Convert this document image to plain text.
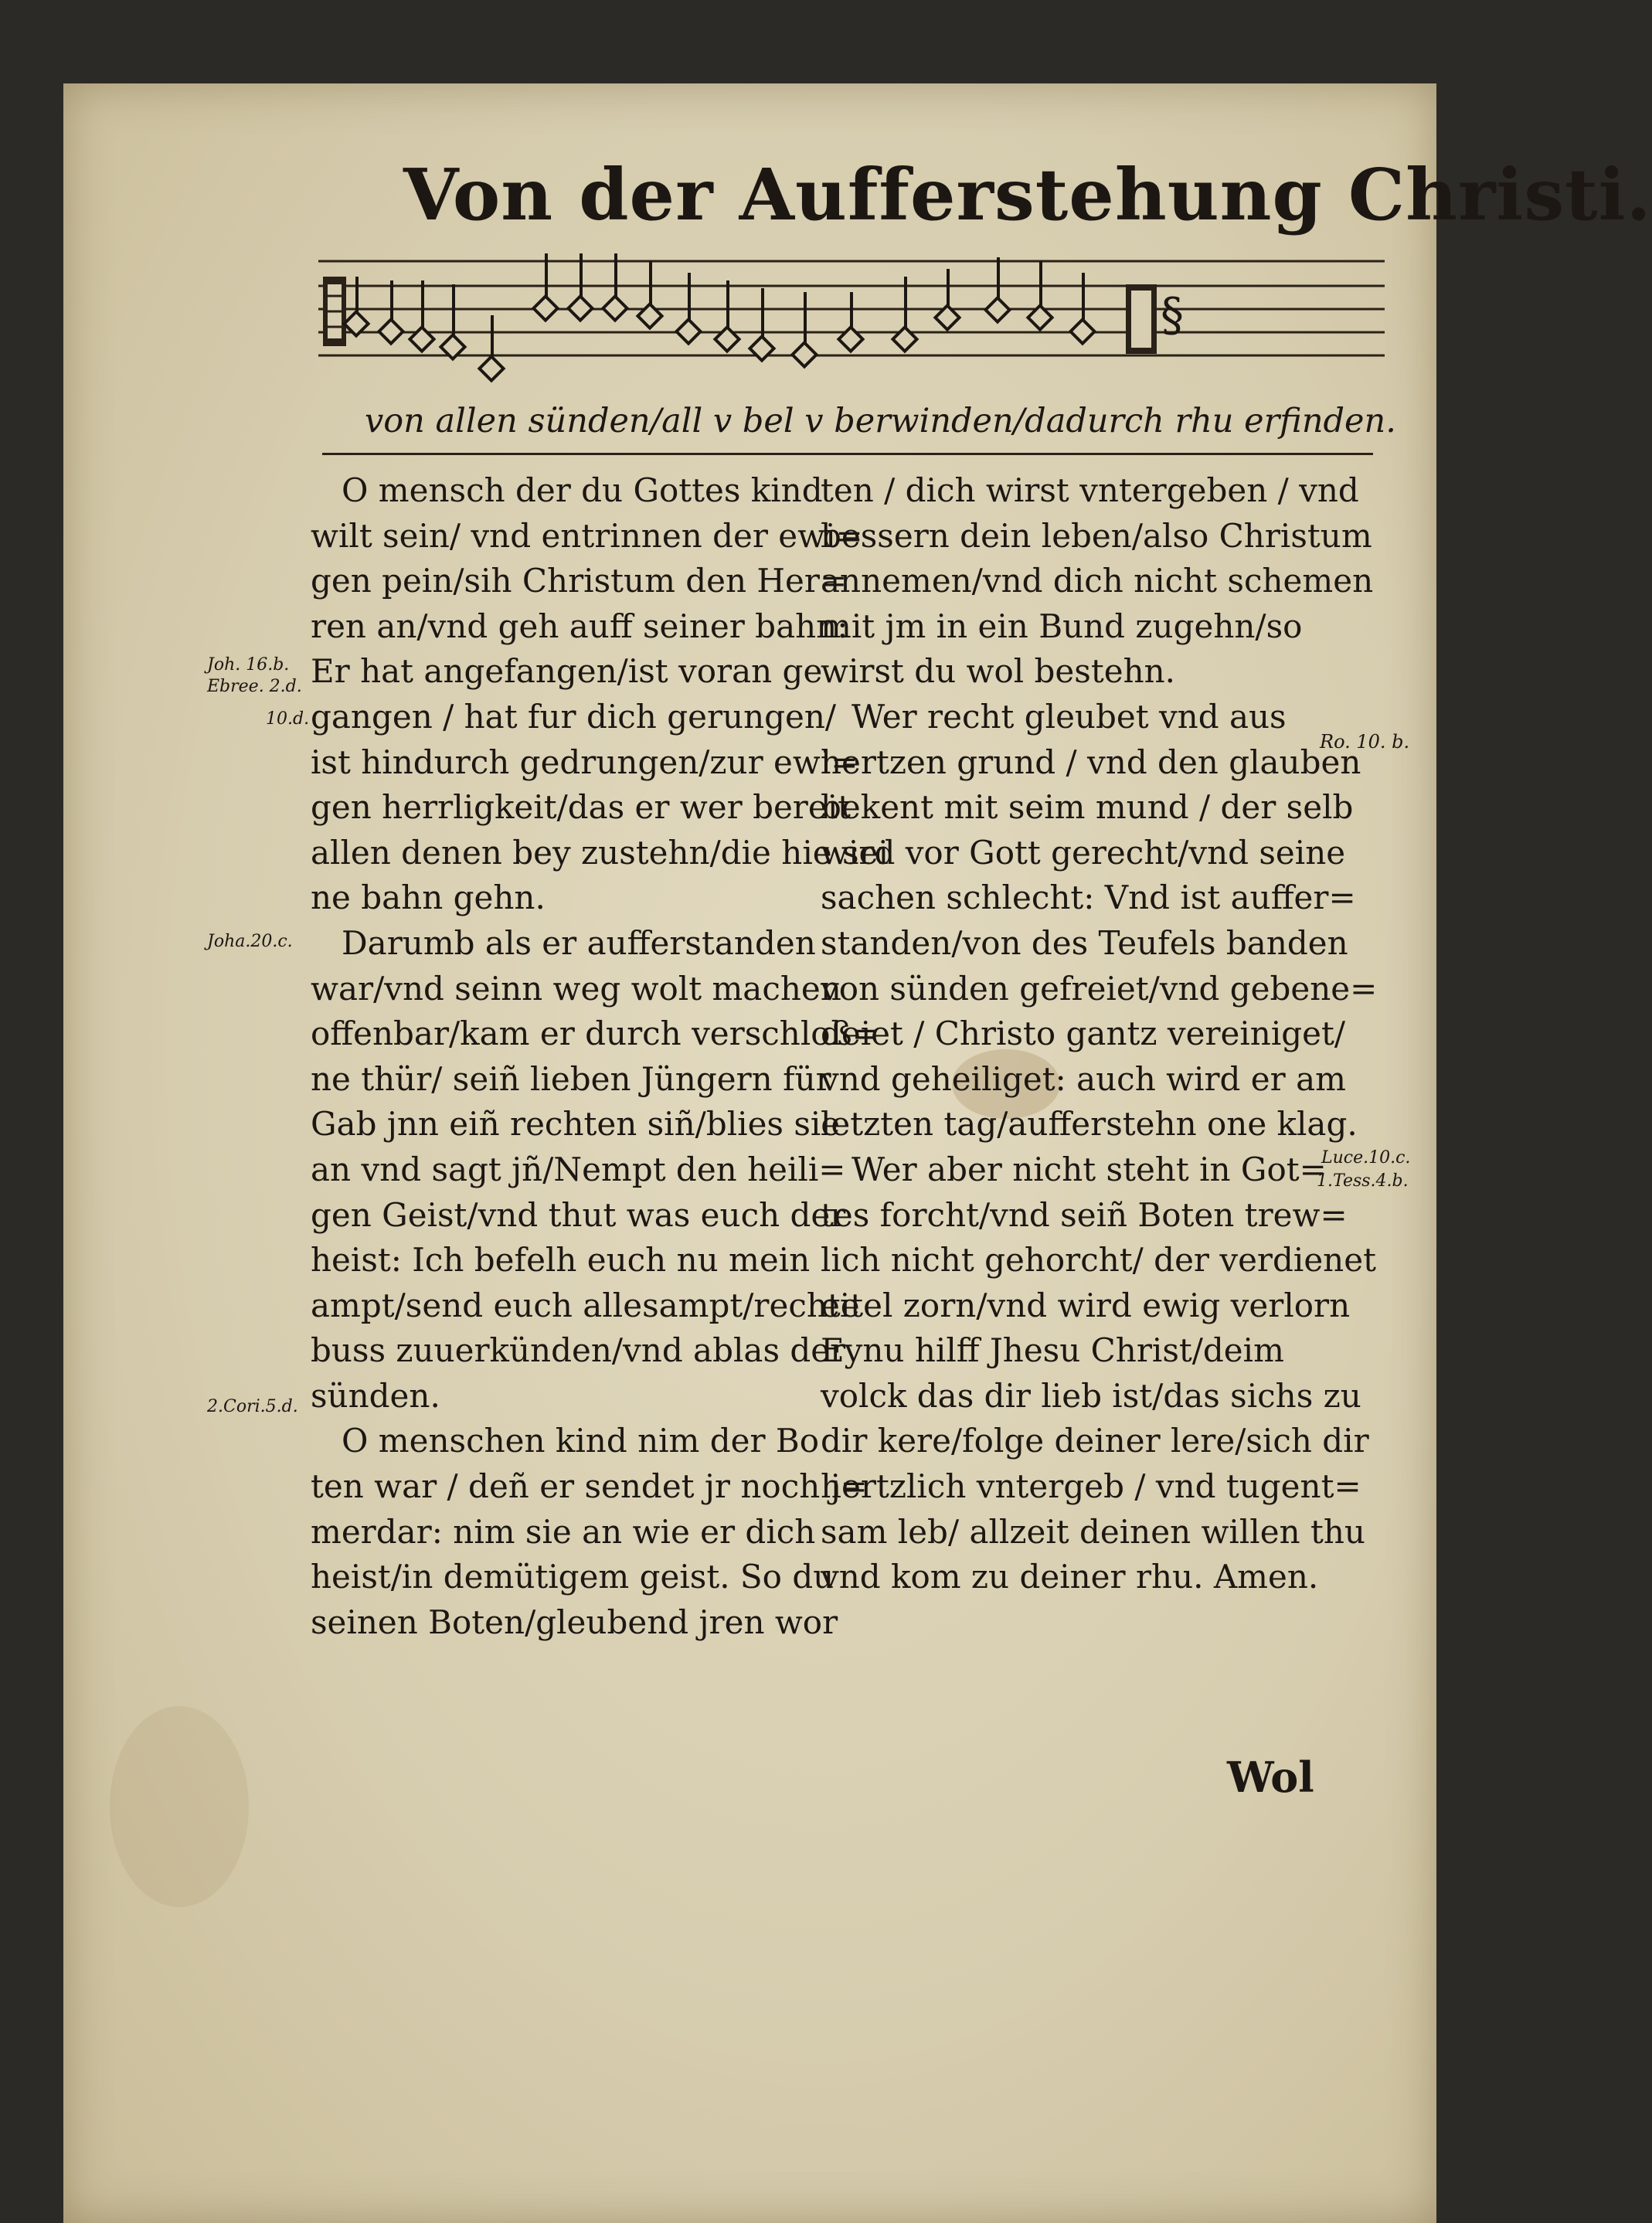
Von der Aufferstehung Christi.
§
von allen sünden/all v bel v berwinden/dadurch rhu erfinden.
O mensch der du Gottes kind
wilt sein/ vnd entrinnen der ewi=
gen pein/sih Christum den Her=
ren an/vnd geh auff seiner bahn:
Er hat angefangen/ist voran ge
gangen / hat fur dich gerungen/
ist hindurch gedrungen/zur ewi=
gen herrligkeit/das er wer bereit
allen denen bey zustehn/die hie sei
ne bahn gehn.
Darumb als er aufferstanden
war/vnd seinn weg wolt machen
offenbar/kam er durch verschloß=
ne thür/ seiñ lieben Jüngern für
Gab jnn eiñ rechten siñ/blies sie
an vnd sagt jñ/Nempt den heili=
gen Geist/vnd thut was euch der
heist: Ich befelh euch nu mein
ampt/send euch allesampt/rechte
buss zuuerkünden/vnd ablas der
sünden.
O menschen kind nim der Bo
ten war / deñ er sendet jr noch j=
merdar: nim sie an wie er dich
heist/in demütigem geist. So du
seinen Boten/gleubend jren wor
ten / dich wirst vntergeben / vnd
bessern dein leben/also Christum
annemen/vnd dich nicht schemen
mit jm in ein Bund zugehn/so
wirst du wol bestehn.
Wer recht gleubet vnd aus
hertzen grund / vnd den glauben
bekent mit seim mund / der selb
wird vor Gott gerecht/vnd seine
sachen schlecht: Vnd ist auffer=
standen/von des Teufels banden
von sünden gefreiet/vnd gebene=
deiet / Christo gantz vereiniget/
vnd geheiliget: auch wird er am
letzten tag/aufferstehn one klag.
Wer aber nicht steht in Got=
tes forcht/vnd seiñ Boten trew=
lich nicht gehorcht/ der verdienet
eitel zorn/vnd wird ewig verlorn
Eynu hilff Jhesu Christ/deim
volck das dir lieb ist/das sichs zu
dir kere/folge deiner lere/sich dir
hertzlich vntergeb / vnd tugent=
sam leb/ allzeit deinen willen thu
vnd kom zu deiner rhu. Amen.
Joh. 16.b.
Ebree. 2.d.
10.d.
Joha.20.c.
2.Cori.5.d.
Ro. 10. b.
Luce.10.c.
1.Tess.4.b.
Wol
